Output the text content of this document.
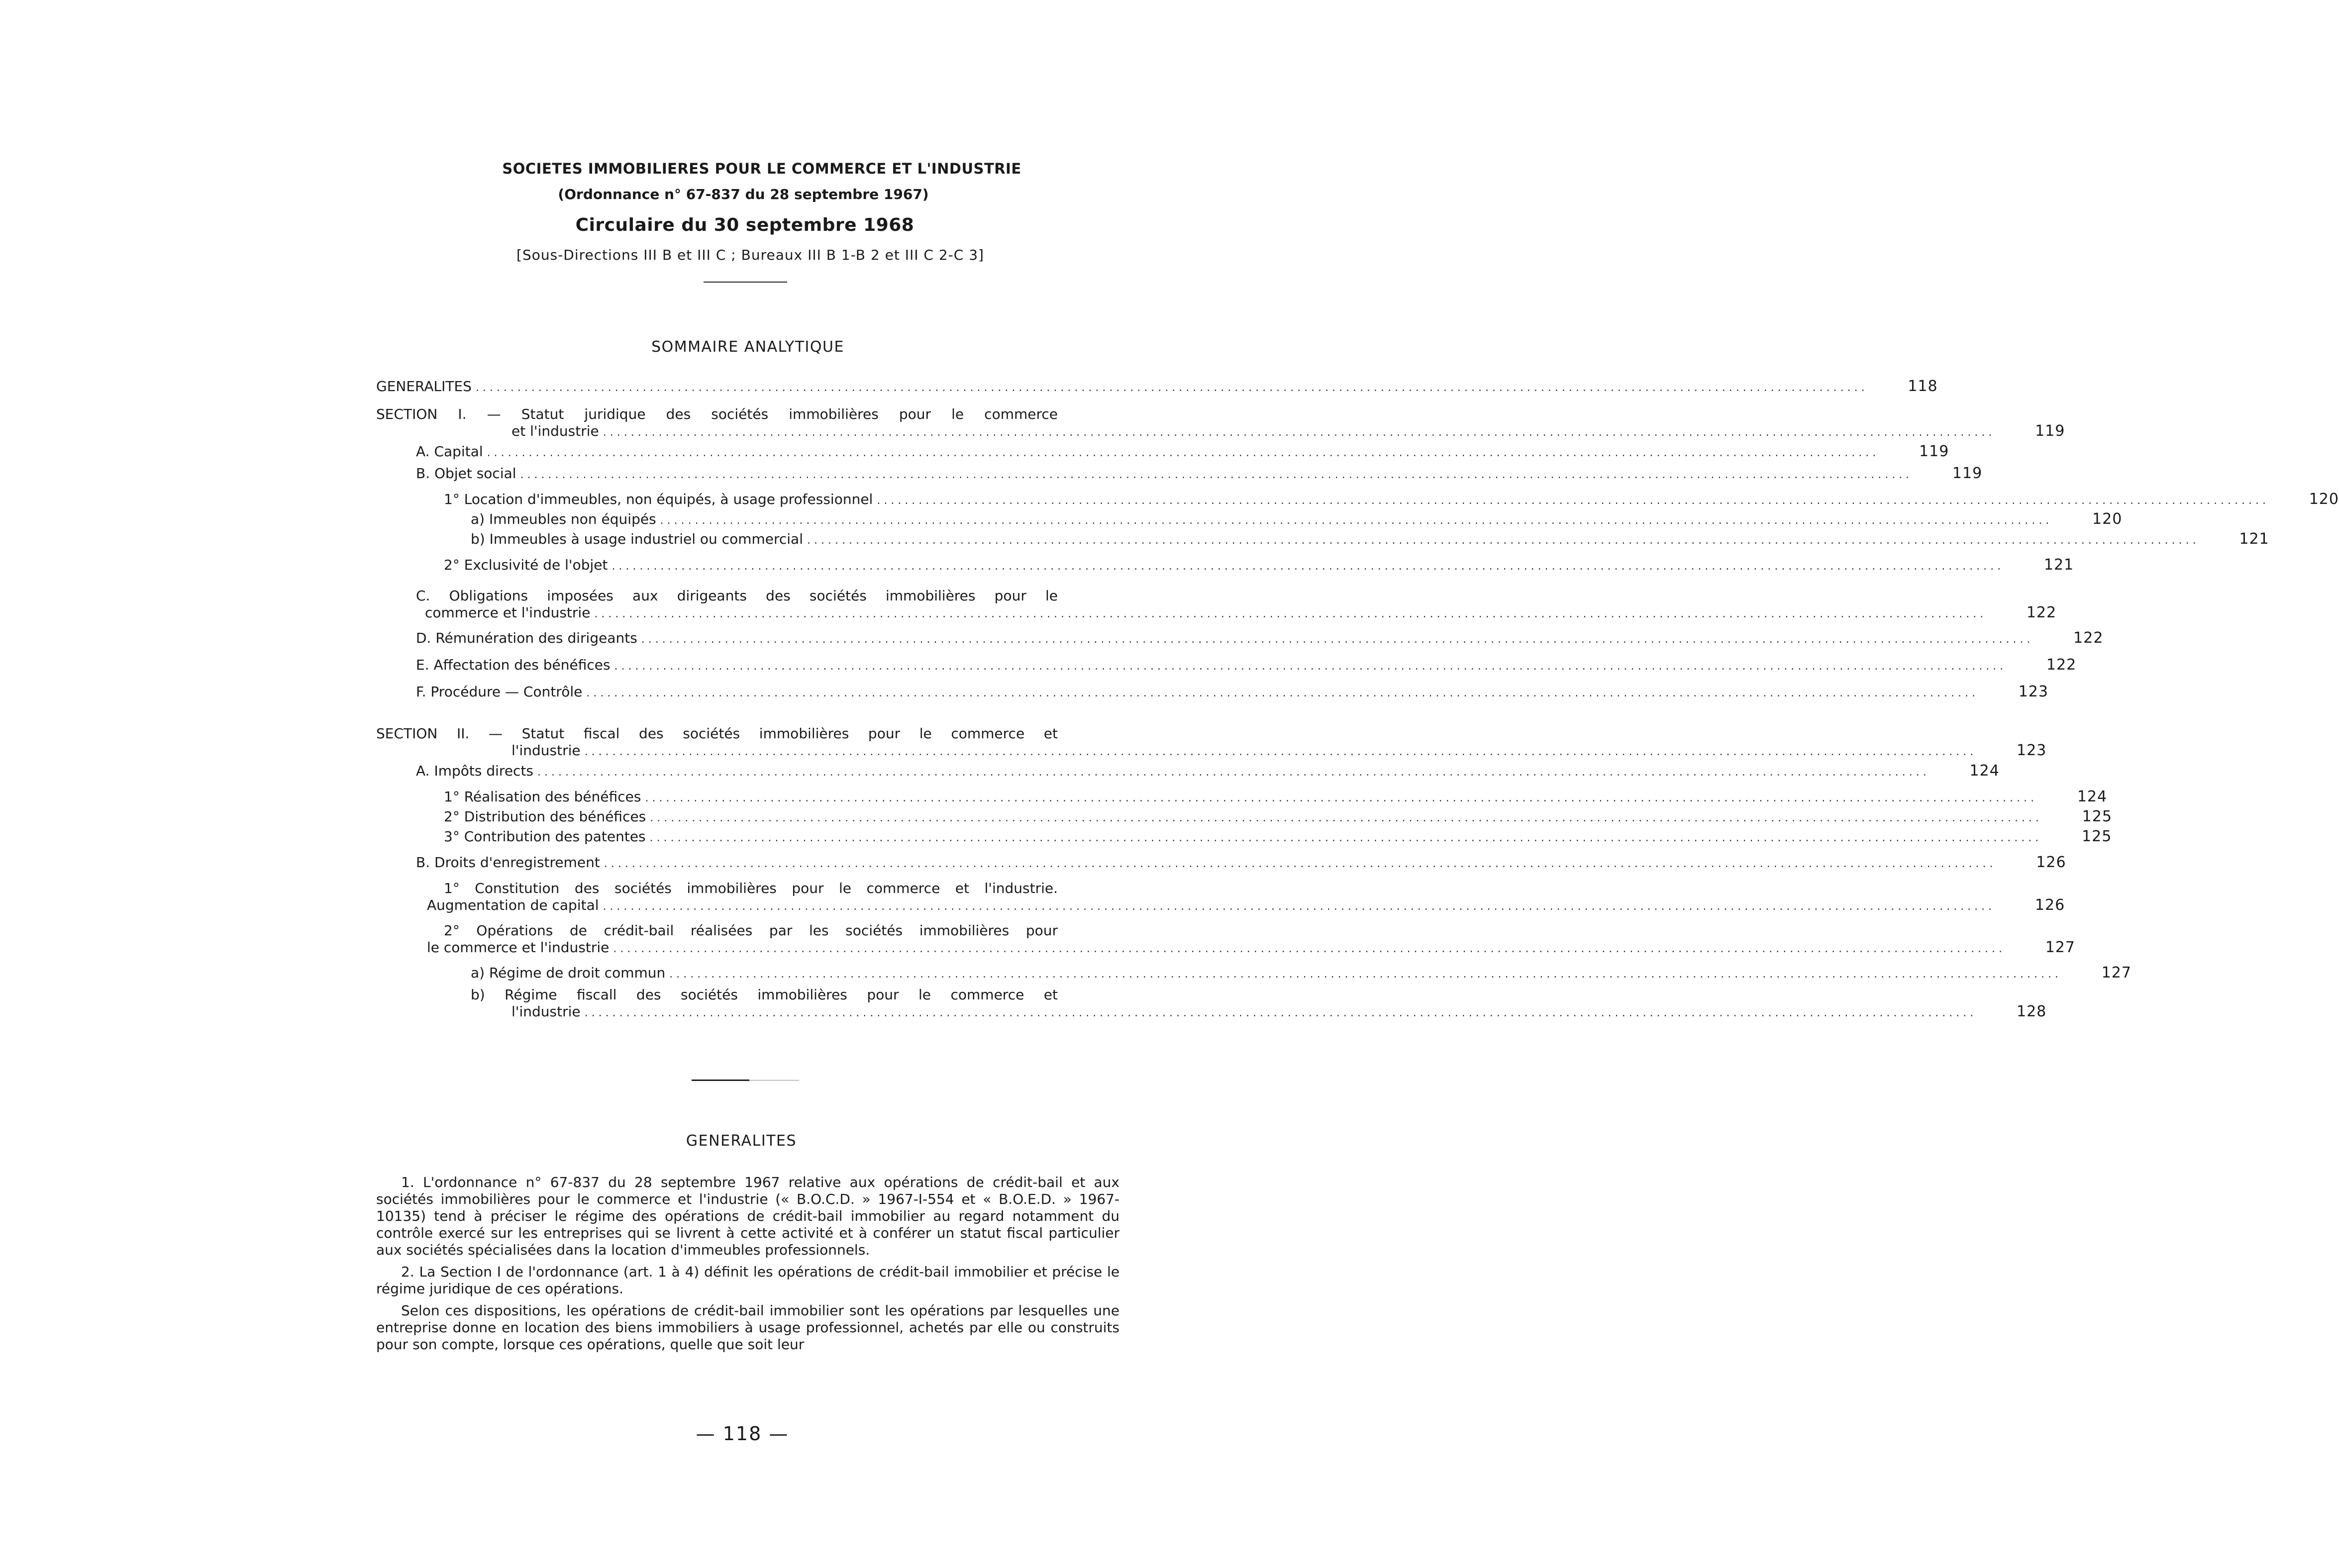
SOCIETES IMMOBILIERES POUR LE COMMERCE ET L'INDUSTRIE
(Ordonnance n° 67-837 du 28 septembre 1967)
Circulaire du 30 septembre 1968
[Sous-Directions III B et III C ; Bureaux III B 1-B 2 et III C 2-C 3]
SOMMAIRE ANALYTIQUE
GENERALITES ........................................................................................................................................................................................................	118
SECTION I. — Statut juridique des sociétés immobilières pour le commerce
et l'industrie ........................................................................................................................................................................................................	119
A. Capital ........................................................................................................................................................................................................	119
B. Objet social ........................................................................................................................................................................................................	119
1° Location d'immeubles, non équipés, à usage professionnel ........................................................................................................................................................................................................	120
a) Immeubles non équipés ........................................................................................................................................................................................................	120
b) Immeubles à usage industriel ou commercial ........................................................................................................................................................................................................	121
2° Exclusivité de l'objet ........................................................................................................................................................................................................	121
C. Obligations imposées aux dirigeants des sociétés immobilières pour le
commerce et l'industrie ........................................................................................................................................................................................................	122
D. Rémunération des dirigeants ........................................................................................................................................................................................................	122
E. Affectation des bénéfices ........................................................................................................................................................................................................	122
F. Procédure — Contrôle ........................................................................................................................................................................................................	123
SECTION II. — Statut fiscal des sociétés immobilières pour le commerce et
l'industrie ........................................................................................................................................................................................................	123
A. Impôts directs ........................................................................................................................................................................................................	124
1° Réalisation des bénéfices ........................................................................................................................................................................................................	124
2° Distribution des bénéfices ........................................................................................................................................................................................................	125
3° Contribution des patentes ........................................................................................................................................................................................................	125
B. Droits d'enregistrement ........................................................................................................................................................................................................	126
1° Constitution des sociétés immobilières pour le commerce et l'industrie.
Augmentation de capital ........................................................................................................................................................................................................	126
2° Opérations de crédit-bail réalisées par les sociétés immobilières pour
le commerce et l'industrie ........................................................................................................................................................................................................	127
a) Régime de droit commun ........................................................................................................................................................................................................	127
b) Régime fiscall des sociétés immobilières pour le commerce et
l'industrie ........................................................................................................................................................................................................	128
GENERALITES

1. L'ordonnance n° 67-837 du 28 septembre 1967 relative aux opérations de crédit-bail et aux sociétés immobilières pour le commerce et l'industrie (« B.O.C.D. » 1967-I-554 et « B.O.E.D. » 1967-10135) tend à préciser le régime des opérations de crédit-bail immobilier au regard notamment du contrôle exercé sur les entreprises qui se livrent à cette activité et à conférer un statut fiscal particulier aux sociétés spécialisées dans la location d'immeubles professionnels.

2. La Section I de l'ordonnance (art. 1 à 4) définit les opérations de crédit-bail immobilier et précise le régime juridique de ces opérations.

Selon ces dispositions, les opérations de crédit-bail immobilier sont les opérations par lesquelles une entreprise donne en location des biens immobiliers à usage professionnel, achetés par elle ou construits pour son compte, lorsque ces opérations, quelle que soit leur

— 118 —
